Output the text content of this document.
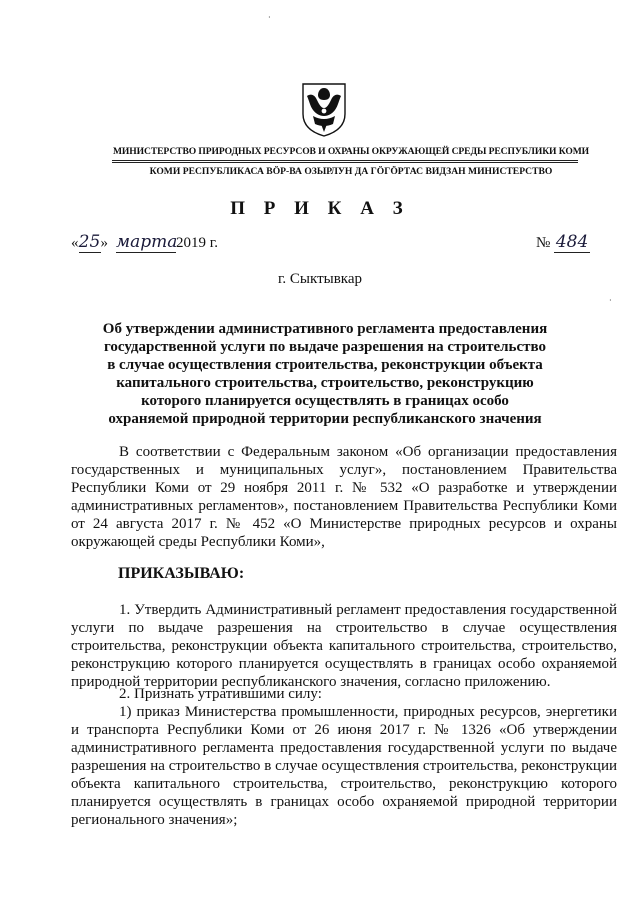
·
·
МИНИСТЕРСТВО ПРИРОДНЫХ РЕСУРСОВ И ОХРАНЫ ОКРУЖАЮЩЕЙ СРЕДЫ РЕСПУБЛИКИ КОМИ
КОМИ РЕСПУБЛИКАСА ВÖР-ВА ОЗЫРЛУН ДА ГÖГÖРТАС ВИДЗАН МИНИСТЕРСТВО
П Р И К А З
«25» марта2019 г.	№ 484
г. Сыктывкар
Об утверждении административного регламента предоставления государственной услуги по выдаче разрешения на строительство в случае осуществления строительства, реконструкции объекта капитального строительства, строительство, реконструкцию которого планируется осуществлять в границах особо охраняемой природной территории республиканского значения
В соответствии с Федеральным законом «Об организации предоставления государственных и муниципальных услуг», постановлением Правительства Республики Коми от 29 ноября 2011 г. № 532 «О разработке и утверждении административных регламентов», постановлением Правительства Республики Коми от 24 августа 2017 г. № 452 «О Министерстве природных ресурсов и охраны окружающей среды Республики Коми»,
ПРИКАЗЫВАЮ:
1. Утвердить Административный регламент предоставления государственной услуги по выдаче разрешения на строительство в случае осуществления строительства, реконструкции объекта капитального строительства, строительство, реконструкцию которого планируется осуществлять в границах особо охраняемой природной территории республиканского значения, согласно приложению.
2. Признать утратившими силу:
1) приказ Министерства промышленности, природных ресурсов, энергетики и транспорта Республики Коми от 26 июня 2017 г. № 1326 «Об утверждении административного регламента предоставления государственной услуги по выдаче разрешения на строительство в случае осуществления строительства, реконструкции объекта капитального строительства, строительство, реконструкцию которого планируется осуществлять в границах особо охраняемой природной территории регионального значения»;
